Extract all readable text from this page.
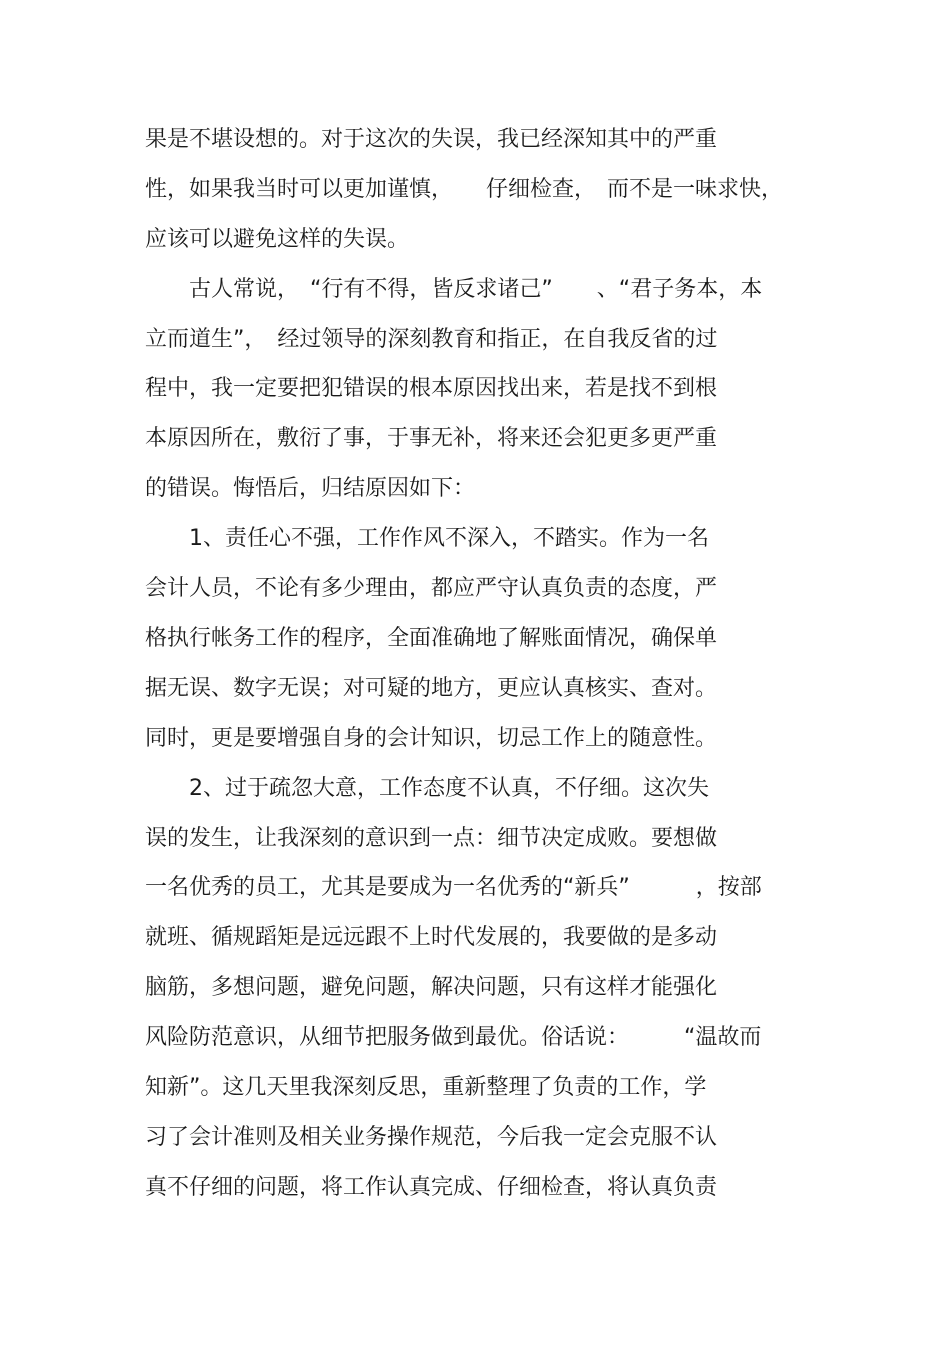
果是不堪设想的。对于这次的失误，我已经深知其中的严重

性，如果我当时可以更加谨慎，　　仔细检查，　而不是一味求快，

应该可以避免这样的失误。

　　古人常说，　“行有不得，皆反求诸己”　　、“君子务本，本

立而道生”，　经过领导的深刻教育和指正，在自我反省的过

程中，我一定要把犯错误的根本原因找出来，若是找不到根

本原因所在，敷衍了事，于事无补，将来还会犯更多更严重

的错误。悔悟后，归结原因如下：

　　1、责任心不强，工作作风不深入，不踏实。作为一名

会计人员，不论有多少理由，都应严守认真负责的态度，严

格执行帐务工作的程序，全面准确地了解账面情况，确保单

据无误、数字无误；对可疑的地方，更应认真核实、查对。

同时，更是要增强自身的会计知识，切忌工作上的随意性。

　　2、过于疏忽大意，工作态度不认真，不仔细。这次失

误的发生，让我深刻的意识到一点：细节决定成败。要想做

一名优秀的员工，尤其是要成为一名优秀的“新兵”　　　，按部

就班、循规蹈矩是远远跟不上时代发展的，我要做的是多动

脑筋，多想问题，避免问题，解决问题，只有这样才能强化

风险防范意识，从细节把服务做到最优。俗话说：　　　“温故而

知新”。这几天里我深刻反思，重新整理了负责的工作，学

习了会计准则及相关业务操作规范，今后我一定会克服不认

真不仔细的问题，将工作认真完成、仔细检查，将认真负责
